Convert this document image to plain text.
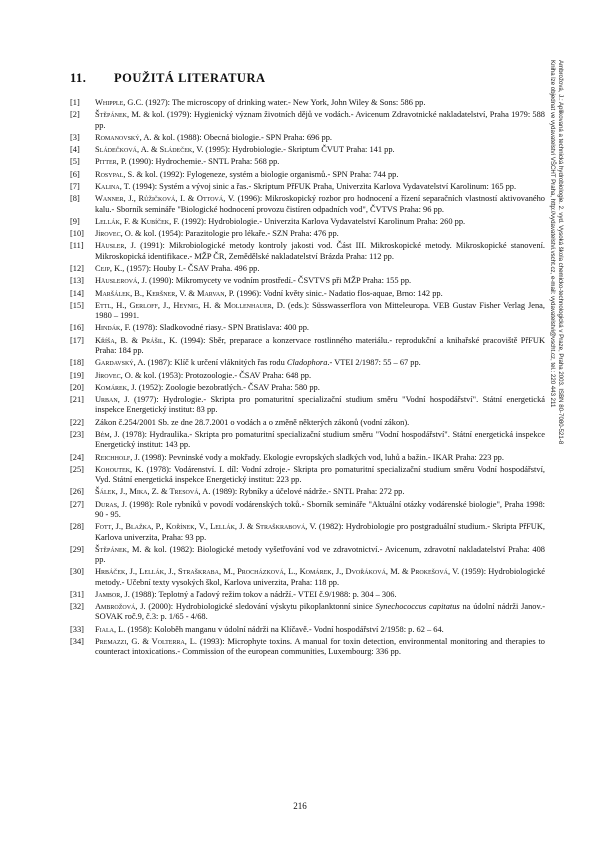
11. POUŽITÁ LITERATURA
[1] Whipple, G.C. (1927): The microscopy of drinking water.- New York, John Wiley & Sons: 586 pp.
[2] Štěpánek, M. & kol. (1979): Hygienický význam životních dějů ve vodách.- Avicenum Zdravotnické nakladatelství, Praha 1979: 588 pp.
[3] Romanovský, A. & kol. (1988): Obecná biologie.- SPN Praha: 696 pp.
[4] Sládečková, A. & Sládeček, V. (1995): Hydrobiologie.- Skriptum ČVUT Praha: 141 pp.
[5] Pitter, P. (1990): Hydrochemie.- SNTL Praha: 568 pp.
[6] Rosypal, S. & kol. (1992): Fylogeneze, systém a biologie organismů.- SPN Praha: 744 pp.
[7] Kalina, T. (1994): Systém a vývoj sinic a řas.- Skriptum PřFUK Praha, Univerzita Karlova Vydavatelství Karolinum: 165 pp.
[8] Wanner, J., Růžičková, I. & Ottová, V. (1996): Mikroskopický rozbor pro hodnocení a řízení separačních vlastností aktivovaného kalu.- Sborník semináře "Biologické hodnocení provozu čistíren odpadních vod", ČVTVS Praha: 96 pp.
[9] Lellák, F. & Kubíček, F. (1992): Hydrobiologie.- Univerzita Karlova Vydavatelství Karolinum Praha: 260 pp.
[10] Jírovec, O. & kol. (1954): Parazitologie pro lékaře.- SZN Praha: 476 pp.
[11] Häusler, J. (1991): Mikrobiologické metody kontroly jakosti vod. Část III. Mikroskopické metody. Mikroskopické stanovení. Mikroskopická identifikace.- MŽP ČR, Zemědělské nakladatelství Brázda Praha: 112 pp.
[12] Cejp, K., (1957): Houby I.- ČSAV Praha. 496 pp.
[13] Häuslerová, J. (1990): Mikromycety ve vodním prostředí.- ČSVTVS při MŽP Praha: 155 pp.
[14] Maršálek, B., Keršner, V. & Marvan, P. (1996): Vodní květy sinic.- Nadatio flos-aquae, Brno: 142 pp.
[15] Ettl, H., Gerloff, J., Heynig, H. & Mollenhauer, D. (eds.): Süsswasserflora von Mitteleuropa. VEB Gustav Fisher Verlag Jena, 1980 – 1991.
[16] Hindák, F. (1978): Sladkovodné riasy.- SPN Bratislava: 400 pp.
[17] Kříša, B. & Prášil, K. (1994): Sběr, preparace a konzervace rostlinného materiálu.- reprodukční a knihařské pracoviště PřFUK Praha: 184 pp.
[18] Gardavský, A. (1987): Klíč k určení vláknitých řas rodu Cladophora.- VTEI 2/1987: 55 – 67 pp.
[19] Jírovec, O. & kol. (1953): Protozoologie.- ČSAV Praha: 648 pp.
[20] Komárek, J. (1952): Zoologie bezobratlých.- ČSAV Praha: 580 pp.
[21] Urban, J. (1977): Hydrologie.- Skripta pro pomaturitní specializační studium směru "Vodní hospodářství". Státní energetická inspekce Energetický institut: 83 pp.
[22] Zákon č.254/2001 Sb. ze dne 28.7.2001 o vodách a o změně některých zákonů (vodní zákon).
[23] Bém, J. (1978): Hydraulika.- Skripta pro pomaturitní specializační studium směru "Vodní hospodářství". Státní energetická inspekce Energetický institut: 143 pp.
[24] Reichholf, J. (1998): Pevninské vody a mokřady. Ekologie evropských sladkých vod, luhů a bažin.- IKAR Praha: 223 pp.
[25] Kohoutek, K. (1978): Vodárenství. I. díl: Vodní zdroje.- Skripta pro pomaturitní specializační studium směru Vodní hospodářství, Vyd. Státní energetická inspekce Energetický institut: 223 pp.
[26] Šálek, J., Mika, Z. & Tresová, A. (1989): Rybníky a účelové nádrže.- SNTL Praha: 272 pp.
[27] Duras, J. (1998): Role rybníků v povodí vodárenských toků.- Sborník semináře "Aktuální otázky vodárenské biologie", Praha 1998: 90 - 95.
[28] Fott, J., Blažka, P., Kořínek, V., Lellák, J. & Straškrabová, V. (1982): Hydrobiologie pro postgraduální studium.- Skripta PřFUK, Karlova univerzita, Praha: 93 pp.
[29] Štěpánek, M. & kol. (1982): Biologické metody vyšetřování vod ve zdravotnictví.- Avicenum, zdravotní nakladatelství Praha: 408 pp.
[30] Hrbáček, J., Lellák, J., Straškraba, M., Procházková, L., Komárek, J., Dvořáková, M. & Prokešová, V. (1959): Hydrobiologické metody.- Učební texty vysokých škol, Karlova univerzita, Praha: 118 pp.
[31] Jambor, J. (1988): Teplotný a ľadový režim tokov a nádrží.- VTEI č.9/1988: p. 304 – 306.
[32] Ambrožová, J. (2000): Hydrobiologické sledování výskytu pikoplanktonní sinice Synechococcus capitatus na údolní nádrži Janov.- SOVAK roč.9, č.3: p. 1/65 - 4/68.
[33] Fiala, L. (1958): Koloběh manganu v údolní nádrži na Klíčavě.- Vodní hospodářství 2/1958: p. 62 – 64.
[34] Premazzi, G. & Volterra, L. (1993): Microphyte toxins. A manual for toxin detection, environmental monitoring and therapies to counteract intoxications.- Commission of the european communities, Luxembourg: 336 pp.
Ambrožová, J.: Aplikovaná a technická hydrobiologie. 2. vyd. Vysoká škola chemicko-technologická v Praze, Praha 2003. ISBN 80-7080-521-8
Kniha lze objednat ve vydavatelství VŠCHT Praha, http://vydavatelstvi.vscht.cz, e-mail: vydavatelstvi@vscht.cz, tel.: 220 443 211
216
